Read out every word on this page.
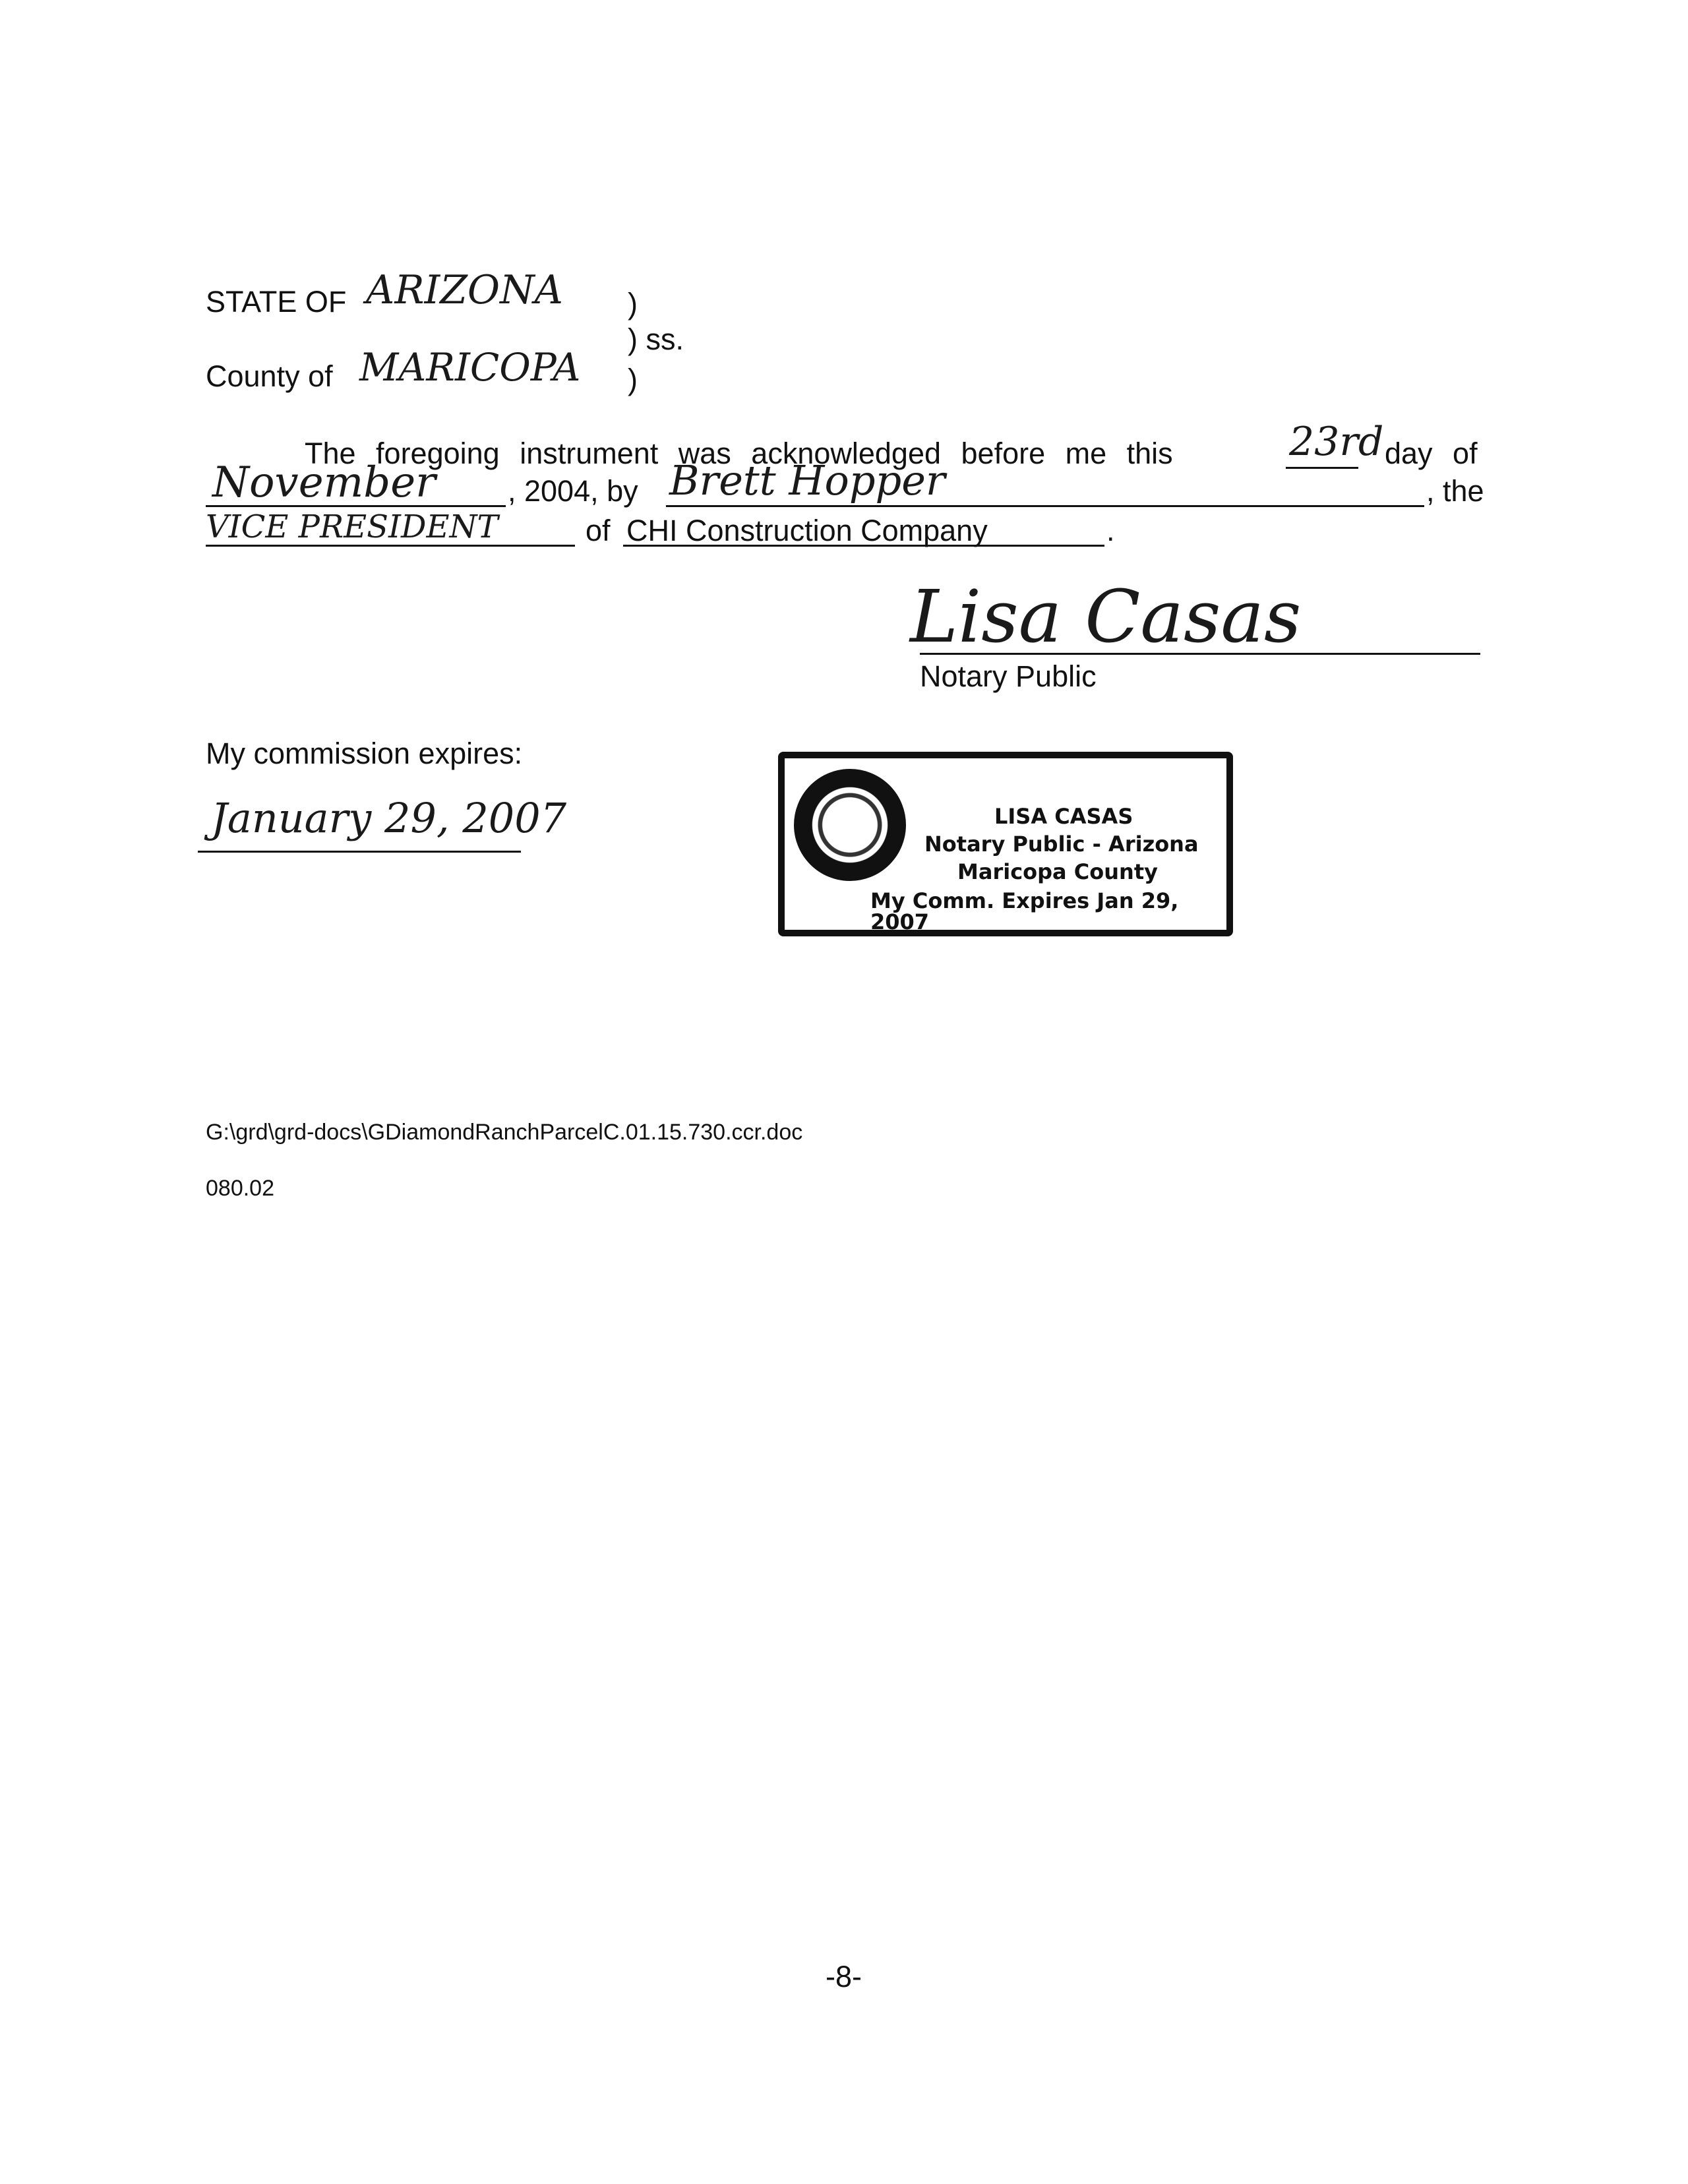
STATE OF ARIZONA
County of MARICOPA
)
) ss.
)
The foregoing instrument was acknowledged before me this	23rd day of
November , 2004, by Brett Hopper	, the
VICE PRESIDENT	of CHI Construction Company	.
Lisa Casas
Notary Public
My commission expires:
January 29, 2007	LISA CASAS
Notary Public - Arizona
Maricopa County
My Comm. Expires Jan 29, 2007
G:\grd\grd-docs\GDiamondRanchParcelC.01.15.730.ccr.doc
080.02
-8-
